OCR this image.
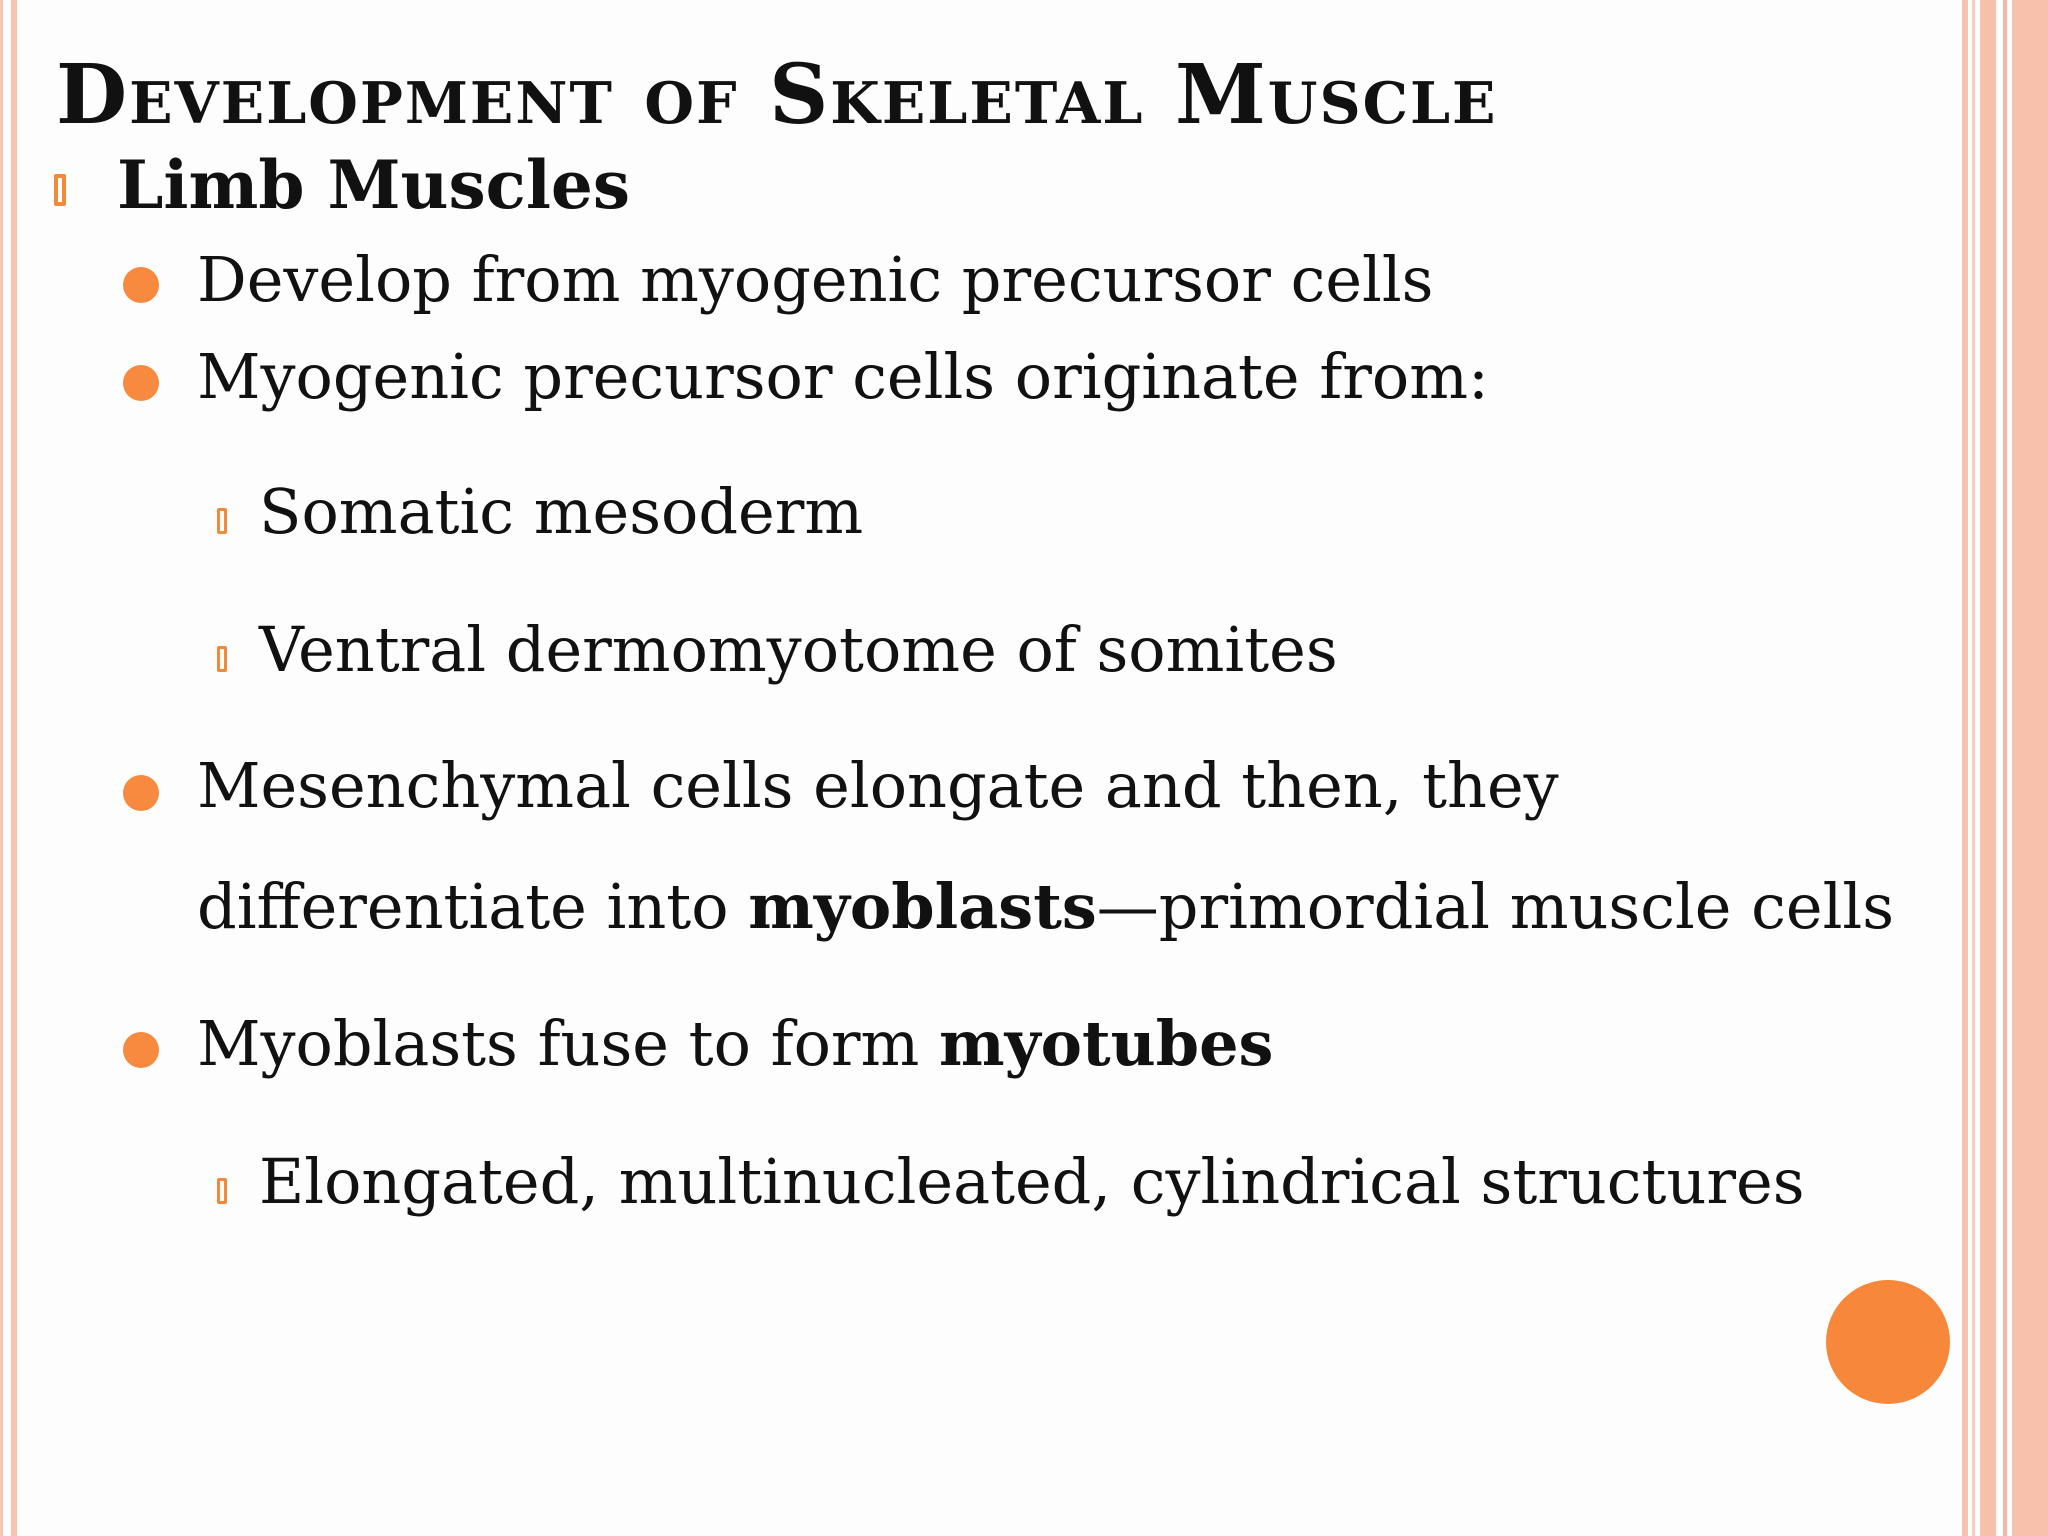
Development of Skeletal Muscle
Limb Muscles
Develop from myogenic precursor cells
Myogenic precursor cells originate from:
Somatic mesoderm
Ventral dermomyotome of somites
Mesenchymal cells elongate and then, they
differentiate into myoblasts—primordial muscle cells
Myoblasts fuse to form myotubes
Elongated, multinucleated, cylindrical structures
